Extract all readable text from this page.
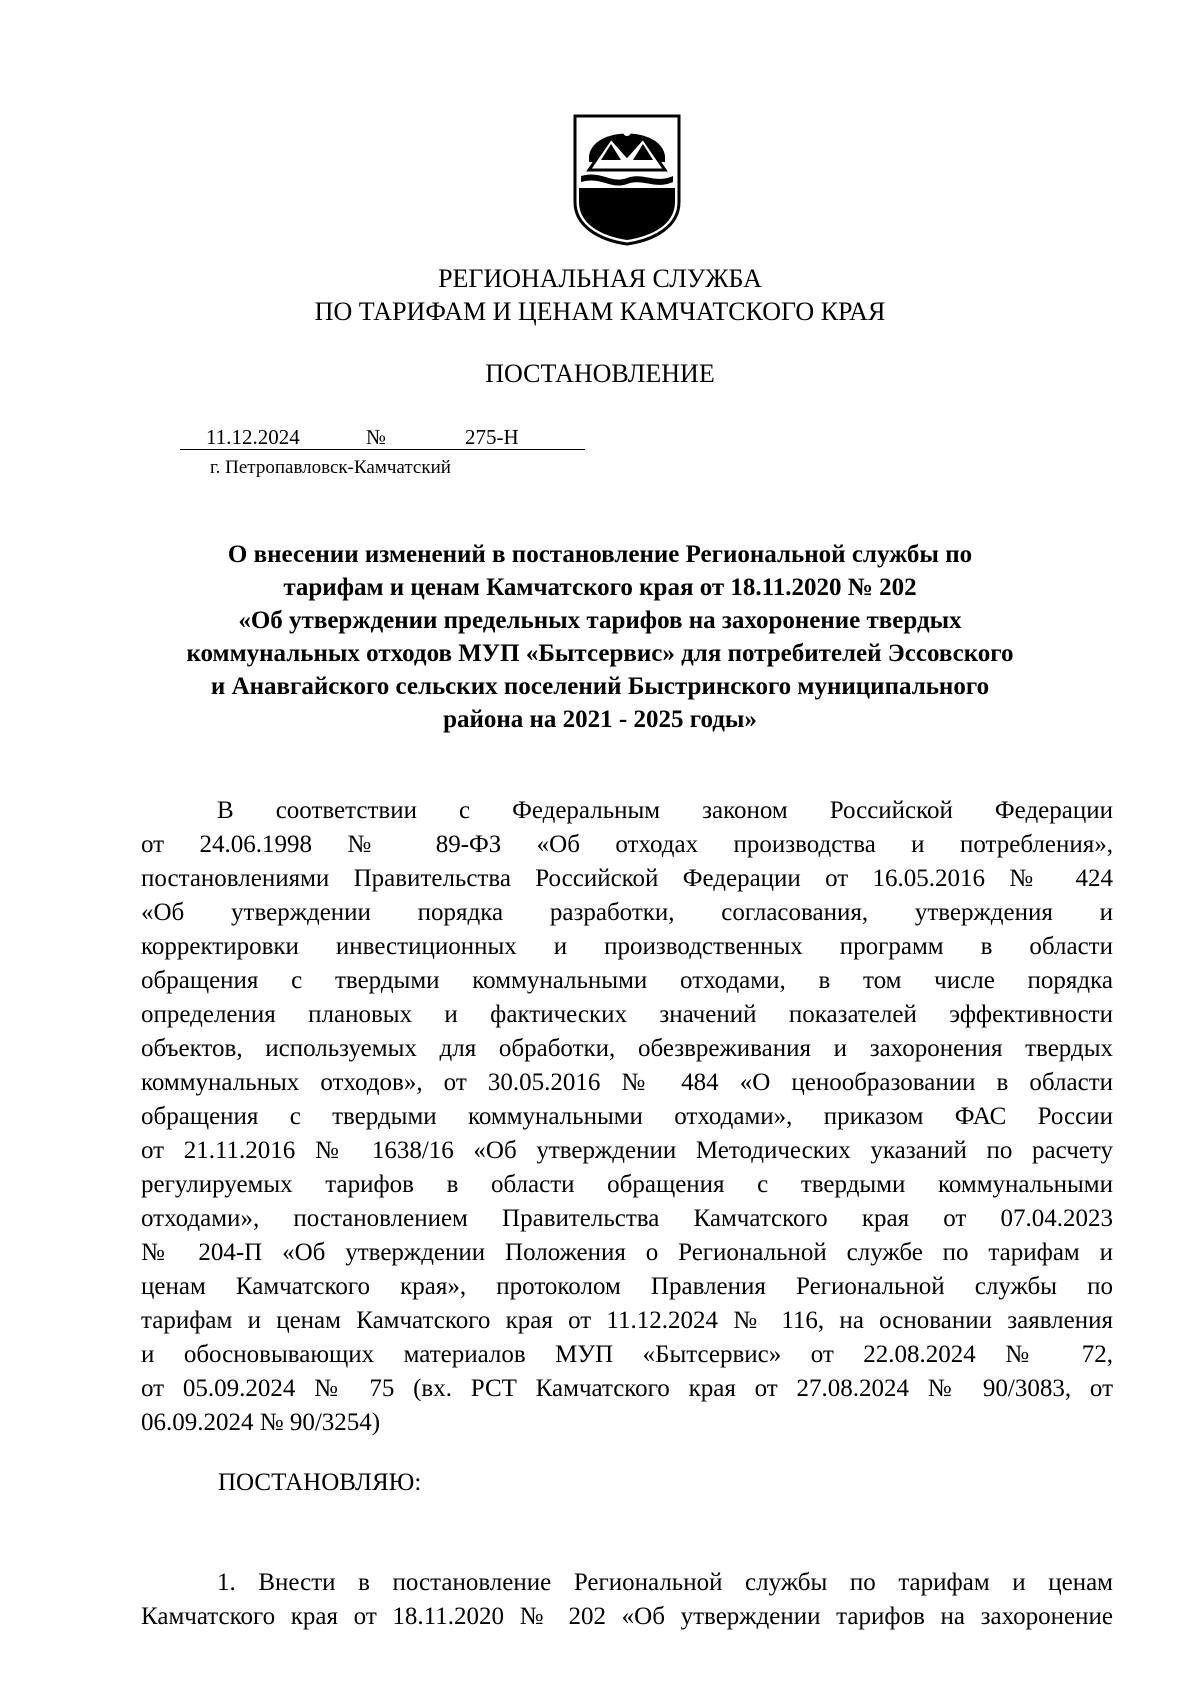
РЕГИОНАЛЬНАЯ СЛУЖБА
ПО ТАРИФАМ И ЦЕНАМ КАМЧАТСКОГО КРАЯ
ПОСТАНОВЛЕНИЕ
11.12.2024	№	275-Н
г. Петропавловск-Камчатский
О внесении изменений в постановление Региональной службы по
тарифам и ценам Камчатского края от 18.11.2020 № 202
«Об утверждении предельных тарифов на захоронение твердых
коммунальных отходов МУП «Бытсервис» для потребителей Эссовского
и Анавгайского сельских поселений Быстринского муниципального
района на 2021 - 2025 годы»
В соответствии с Федеральным законом Российской Федерации
от 24.06.1998 № 89-ФЗ «Об отходах производства и потребления»,
постановлениями Правительства Российской Федерации от 16.05.2016 № 424
«Об утверждении порядка разработки, согласования, утверждения и
корректировки инвестиционных и производственных программ в области
обращения с твердыми коммунальными отходами, в том числе порядка
определения плановых и фактических значений показателей эффективности
объектов, используемых для обработки, обезвреживания и захоронения твердых
коммунальных отходов», от 30.05.2016 № 484 «О ценообразовании в области
обращения с твердыми коммунальными отходами», приказом ФАС России
от 21.11.2016 № 1638/16 «Об утверждении Методических указаний по расчету
регулируемых тарифов в области обращения с твердыми коммунальными
отходами», постановлением Правительства Камчатского края от 07.04.2023
№ 204-П «Об утверждении Положения о Региональной службе по тарифам и
ценам Камчатского края», протоколом Правления Региональной службы по
тарифам и ценам Камчатского края от 11.12.2024 № 116, на основании заявления
и обосновывающих материалов МУП «Бытсервис» от 22.08.2024 № 72,
от 05.09.2024 № 75 (вх. РСТ Камчатского края от 27.08.2024 № 90/3083, от
06.09.2024 № 90/3254)
ПОСТАНОВЛЯЮ:
1. Внести в постановление Региональной службы по тарифам и ценам
Камчатского края от 18.11.2020 № 202 «Об утверждении тарифов на захоронение
